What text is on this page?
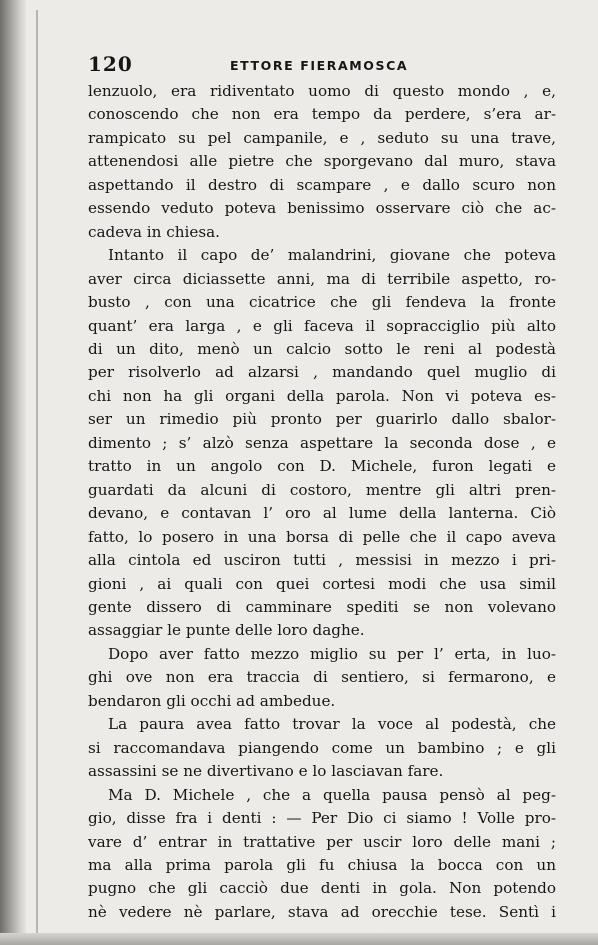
120	ETTORE FIERAMOSCA
lenzuolo, era ridiventato uomo di questo mondo , e,
conoscendo che non era tempo da perdere, s’era ar-
rampicato su pel campanile, e , seduto su una trave,
attenendosi alle pietre che sporgevano dal muro, stava
aspettando il destro di scampare , e dallo scuro non
essendo veduto poteva benissimo osservare ciò che ac-
cadeva in chiesa.
Intanto il capo de’ malandrini, giovane che poteva
aver circa diciassette anni, ma di terribile aspetto, ro-
busto , con una cicatrice che gli fendeva la fronte
quant’ era larga , e gli faceva il sopracciglio più alto
di un dito, menò un calcio sotto le reni al podestà
per risolverlo ad alzarsi , mandando quel muglio di
chi non ha gli organi della parola. Non vi poteva es-
ser un rimedio più pronto per guarirlo dallo sbalor-
dimento ; s’ alzò senza aspettare la seconda dose , e
tratto in un angolo con D. Michele, furon legati e
guardati da alcuni di costoro, mentre gli altri pren-
devano, e contavan l’ oro al lume della lanterna. Ciò
fatto, lo posero in una borsa di pelle che il capo aveva
alla cintola ed usciron tutti , messisi in mezzo i pri-
gioni , ai quali con quei cortesi modi che usa simil
gente dissero di camminare spediti se non volevano
assaggiar le punte delle loro daghe.
Dopo aver fatto mezzo miglio su per l’ erta, in luo-
ghi ove non era traccia di sentiero, si fermarono, e
bendaron gli occhi ad ambedue.
La paura avea fatto trovar la voce al podestà, che
si raccomandava piangendo come un bambino ; e gli
assassini se ne divertivano e lo lasciavan fare.
Ma D. Michele , che a quella pausa pensò al peg-
gio, disse fra i denti : — Per Dio ci siamo ! Volle pro-
vare d’ entrar in trattative per uscir loro delle mani ;
ma alla prima parola gli fu chiusa la bocca con un
pugno che gli cacciò due denti in gola. Non potendo
nè vedere nè parlare, stava ad orecchie tese. Sentì i
